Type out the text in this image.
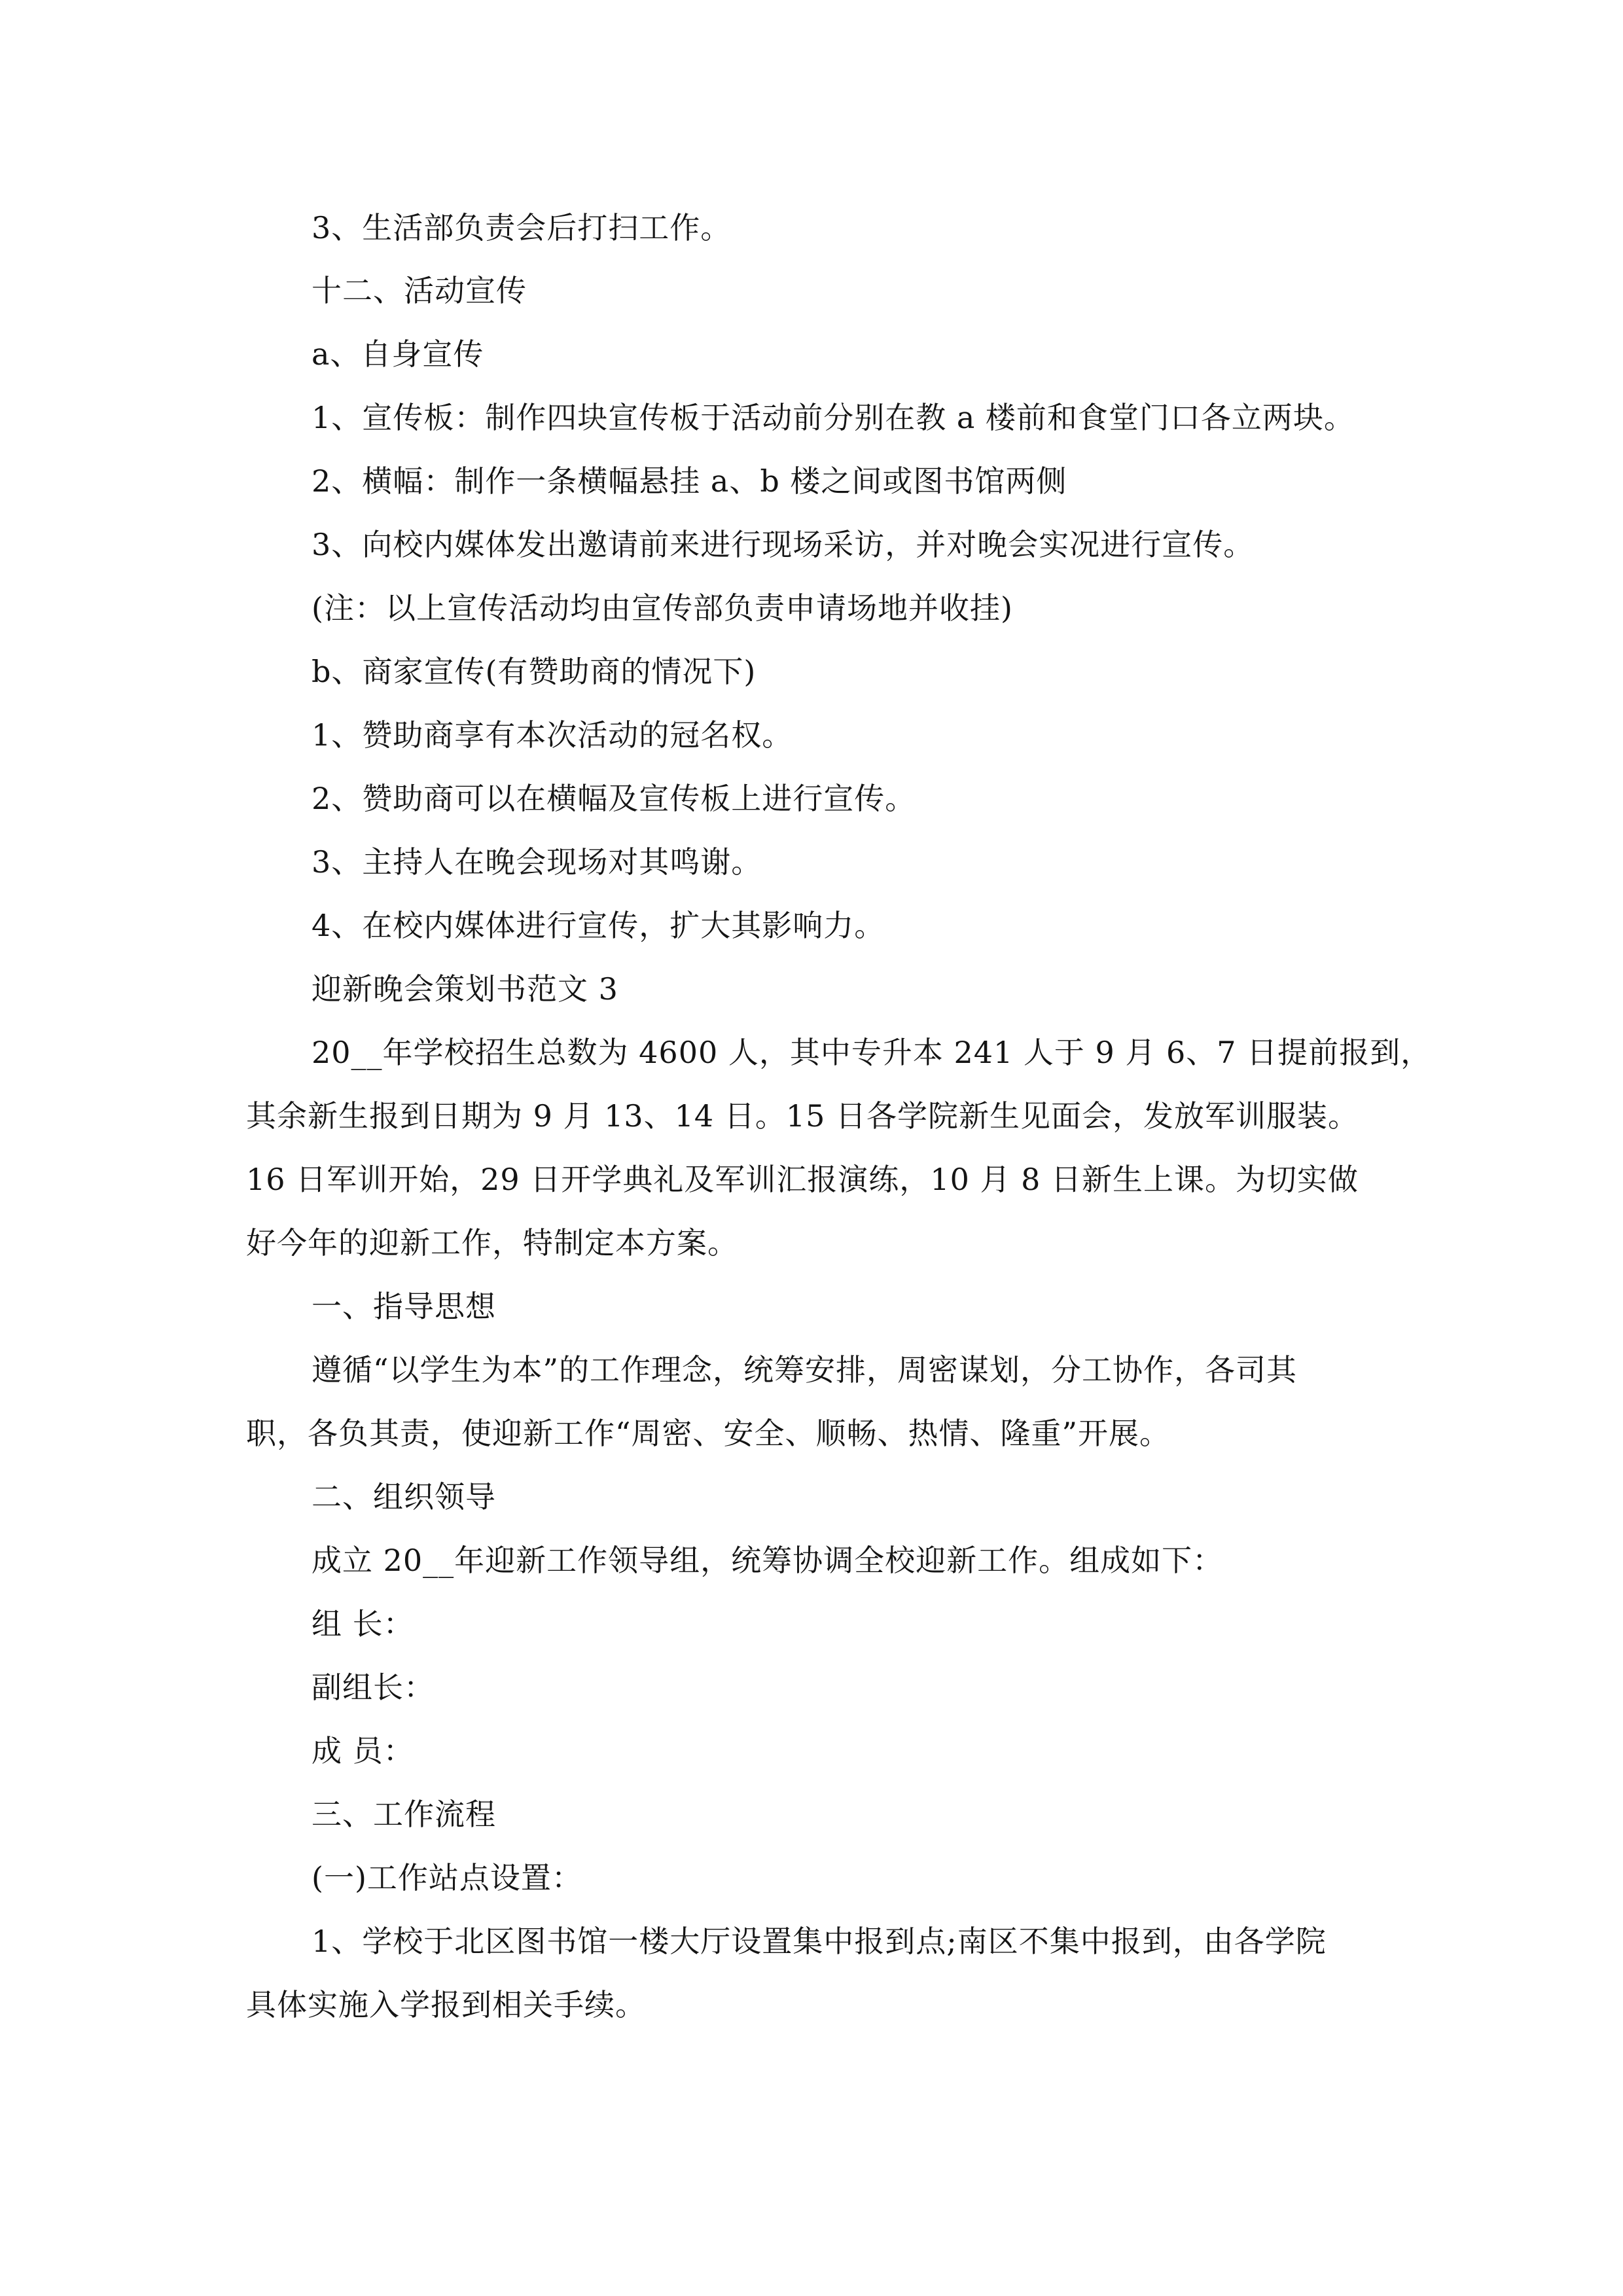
3、生活部负责会后打扫工作。
十二、活动宣传
a、自身宣传
1、宣传板：制作四块宣传板于活动前分别在教 a 楼前和食堂门口各立两块。
2、横幅：制作一条横幅悬挂 a、b 楼之间或图书馆两侧
3、向校内媒体发出邀请前来进行现场采访，并对晚会实况进行宣传。
(注：以上宣传活动均由宣传部负责申请场地并收挂)
b、商家宣传(有赞助商的情况下)
1、赞助商享有本次活动的冠名权。
2、赞助商可以在横幅及宣传板上进行宣传。
3、主持人在晚会现场对其鸣谢。
4、在校内媒体进行宣传，扩大其影响力。
迎新晚会策划书范文 3
20__年学校招生总数为 4600 人，其中专升本 241 人于 9 月 6、7 日提前报到，
其余新生报到日期为 9 月 13、14 日。15 日各学院新生见面会，发放军训服装。
16 日军训开始，29 日开学典礼及军训汇报演练，10 月 8 日新生上课。为切实做
好今年的迎新工作，特制定本方案。
一、指导思想
遵循“以学生为本”的工作理念，统筹安排，周密谋划，分工协作，各司其
职，各负其责，使迎新工作“周密、安全、顺畅、热情、隆重”开展。
二、组织领导
成立 20__年迎新工作领导组，统筹协调全校迎新工作。组成如下：
组 长：
副组长：
成 员：
三、工作流程
(一)工作站点设置：
1、学校于北区图书馆一楼大厅设置集中报到点;南区不集中报到，由各学院
具体实施入学报到相关手续。
